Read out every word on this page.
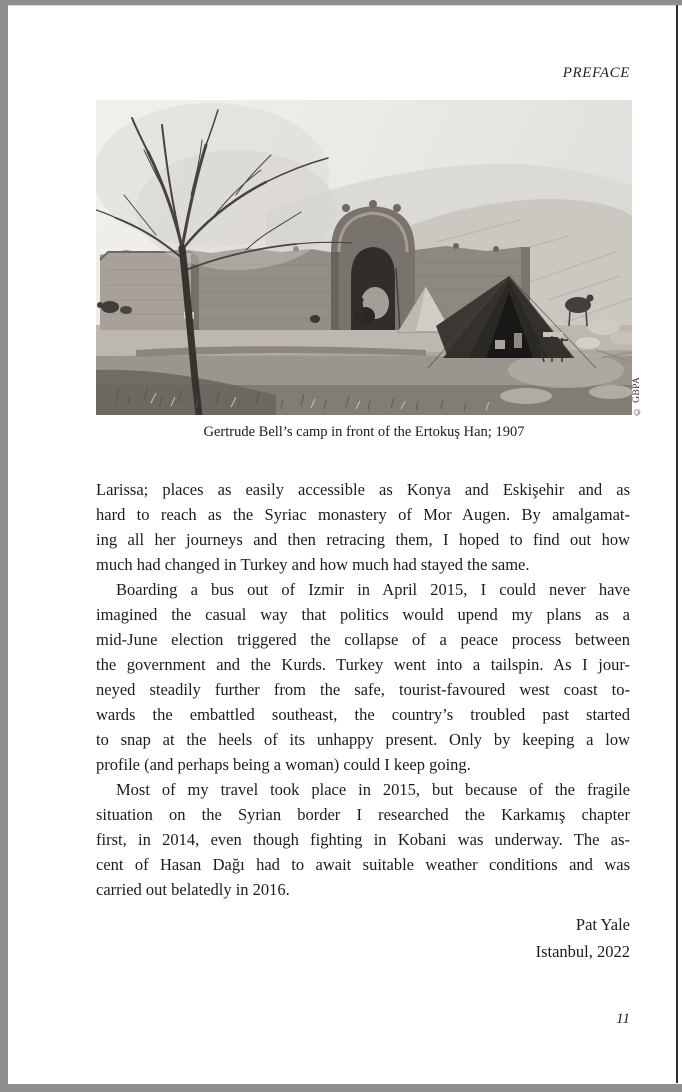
PREFACE
© GBPA
Gertrude Bell’s camp in front of the Ertokuş Han; 1907
Larissa; places as easily accessible as Konya and Eskişehir and as
hard to reach as the Syriac monastery of Mor Augen. By amalgamat-
ing all her journeys and then retracing them, I hoped to find out how
much had changed in Turkey and how much had stayed the same.
Boarding a bus out of Izmir in April 2015, I could never have
imagined the casual way that politics would upend my plans as a
mid-June election triggered the collapse of a peace process between
the government and the Kurds. Turkey went into a tailspin. As I jour-
neyed steadily further from the safe, tourist-favoured west coast to-
wards the embattled southeast, the country’s troubled past started
to snap at the heels of its unhappy present. Only by keeping a low
profile (and perhaps being a woman) could I keep going.
Most of my travel took place in 2015, but because of the fragile
situation on the Syrian border I researched the Karkamış chapter
first, in 2014, even though fighting in Kobani was underway. The as-
cent of Hasan Dağı had to await suitable weather conditions and was
carried out belatedly in 2016.
Pat Yale
Istanbul, 2022
11
